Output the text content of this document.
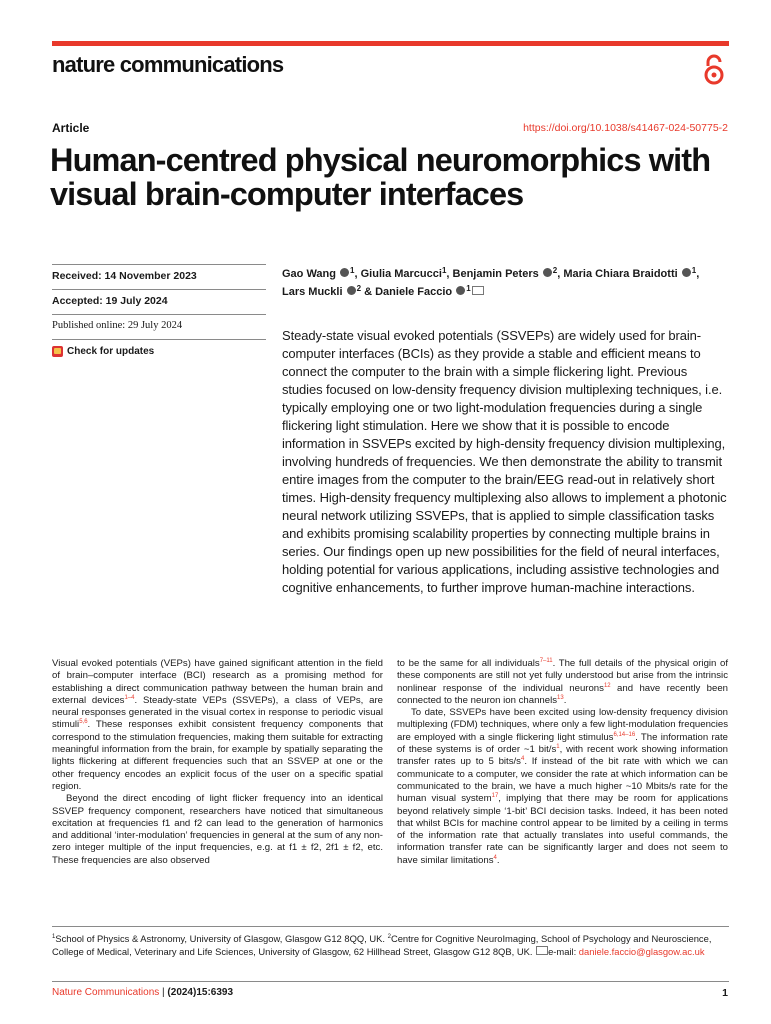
nature communications
Article	https://doi.org/10.1038/s41467-024-50775-2
Human-centred physical neuromorphics with visual brain-computer interfaces
Received: 14 November 2023
Accepted: 19 July 2024
Published online: 29 July 2024
Check for updates
Gao Wang $^1$, Giulia Marcucci$^1$, Benjamin Peters $^2$, Maria Chiara Braidotti $^1$,
Lars Muckli $^2$ & Daniele Faccio $^1$

Steady-state visual evoked potentials (SSVEPs) are widely used for brain-computer interfaces (BCIs) as they provide a stable and efficient means to connect the computer to the brain with a simple flickering light. Previous studies focused on low-density frequency division multiplexing techniques, i.e. typically employing one or two light-modulation frequencies during a single flickering light stimulation. Here we show that it is possible to encode information in SSVEPs excited by high-density frequency division multiplexing, involving hundreds of frequencies. We then demonstrate the ability to transmit entire images from the computer to the brain/EEG read-out in relatively short times. High-density frequency multiplexing also allows to implement a photonic neural network utilizing SSVEPs, that is applied to simple classification tasks and exhibits promising scalability properties by connecting multiple brains in series. Our findings open up new possibilities for the field of neural interfaces, holding potential for various applications, including assistive technologies and cognitive enhancements, to further improve human-machine interactions.

Visual evoked potentials (VEPs) have gained significant attention in the field of brain–computer interface (BCI) research as a promising method for establishing a direct communication pathway between the human brain and external devices$^{1-4}$. Steady-state VEPs (SSVEPs), a class of VEPs, are neural responses generated in the visual cortex in response to periodic visual stimuli$^{5,6}$. These responses exhibit consistent frequency components that correspond to the stimulation frequencies, making them suitable for extracting meaningful information from the brain, for example by spatially separating the lights flickering at different frequencies such that an SSVEP at one or the other frequency encodes an explicit focus of the user on a specific spatial region.

Beyond the direct encoding of light flicker frequency into an identical SSVEP frequency component, researchers have noticed that simultaneous excitation at frequencies f1 and f2 can lead to the generation of harmonics and additional ‘inter-modulation’ frequencies in general at the sum of any non-zero integer multiple of the input frequencies, e.g. at f1 ± f2, 2f1 ± f2, etc. These frequencies are also observed

to be the same for all individuals$^{7-11}$. The full details of the physical origin of these components are still not yet fully understood but arise from the intrinsic nonlinear response of the individual neurons$^{12}$ and have recently been connected to the neuron ion channels$^{13}$.

To date, SSVEPs have been excited using low-density frequency division multiplexing (FDM) techniques, where only a few light-modulation frequencies are employed with a single flickering light stimulus$^{6,14-16}$. The information rate of these systems is of order ~1 bit/$s^1$, with recent work showing information transfer rates up to 5 bits/$s^4$. If instead of the bit rate with which we can communicate to a computer, we consider the rate at which information can be communicated to the brain, we have a much higher ~10 Mbits/s rate for the human visual system$^{17}$, implying that there may be room for applications beyond relatively simple ‘1-bit’ BCI decision tasks. Indeed, it has been noted that whilst BCIs for machine control appear to be limited by a ceiling in terms of the information rate that actually translates into useful commands, the information transfer rate can be significantly larger and does not seem to have similar limitations$^4$.

$^1$School of Physics & Astronomy, University of Glasgow, Glasgow G12 8QQ, UK. $^2$Centre for Cognitive NeuroImaging, School of Psychology and Neuroscience, College of Medical, Veterinary and Life Sciences, University of Glasgow, 62 Hillhead Street, Glasgow G12 8QB, UK. e-mail: daniele.faccio@glasgow.ac.uk

Nature Communications | (2024)15:6393	1
